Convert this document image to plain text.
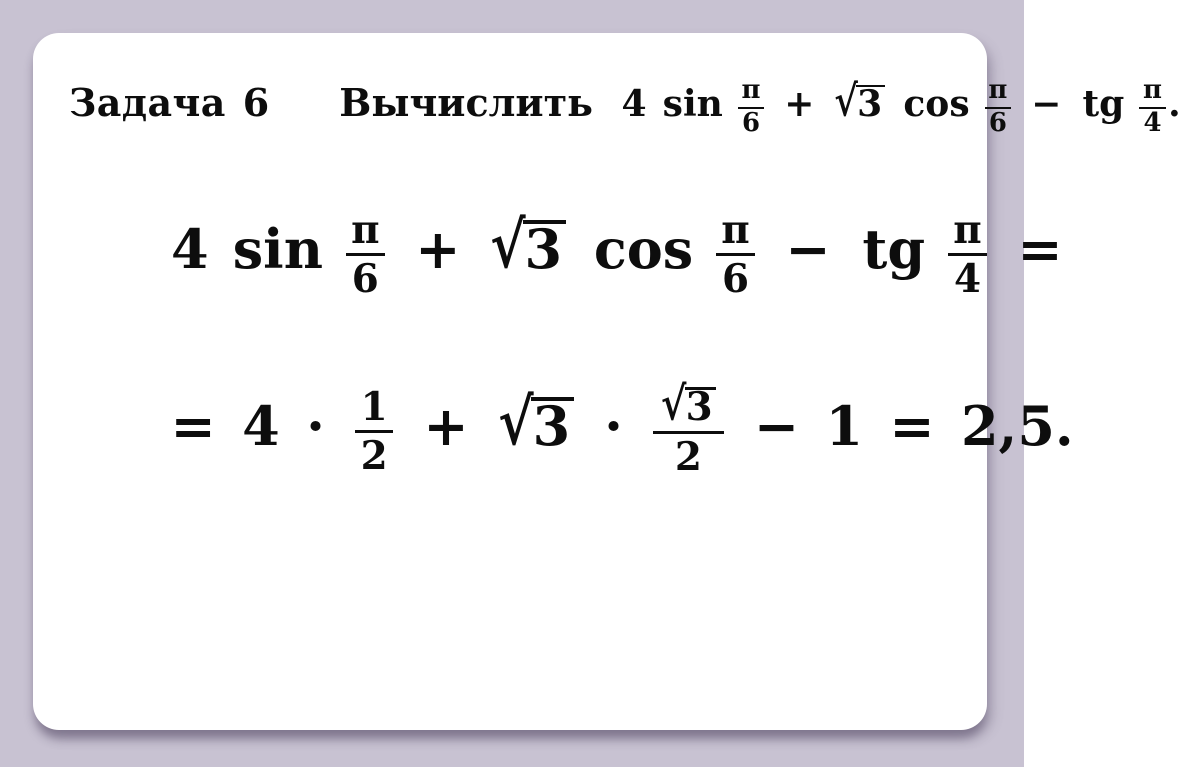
Задача 6 Вычислить 4 $\sin \frac{\pi}{6}$ + √ 3 $\cos \frac{\pi}{6}$ − tg $\frac{\pi}{4}$ .
4 $\sin \frac{\pi}{6}$ + √
3 $\cos \frac{\pi}{6}$ − tg $\frac{\pi}{4}$ =
= $4 \cdot \frac{1}{2}$ + √
$3 \cdot \frac{√ 3}{2} - 1 = 2,5$.
